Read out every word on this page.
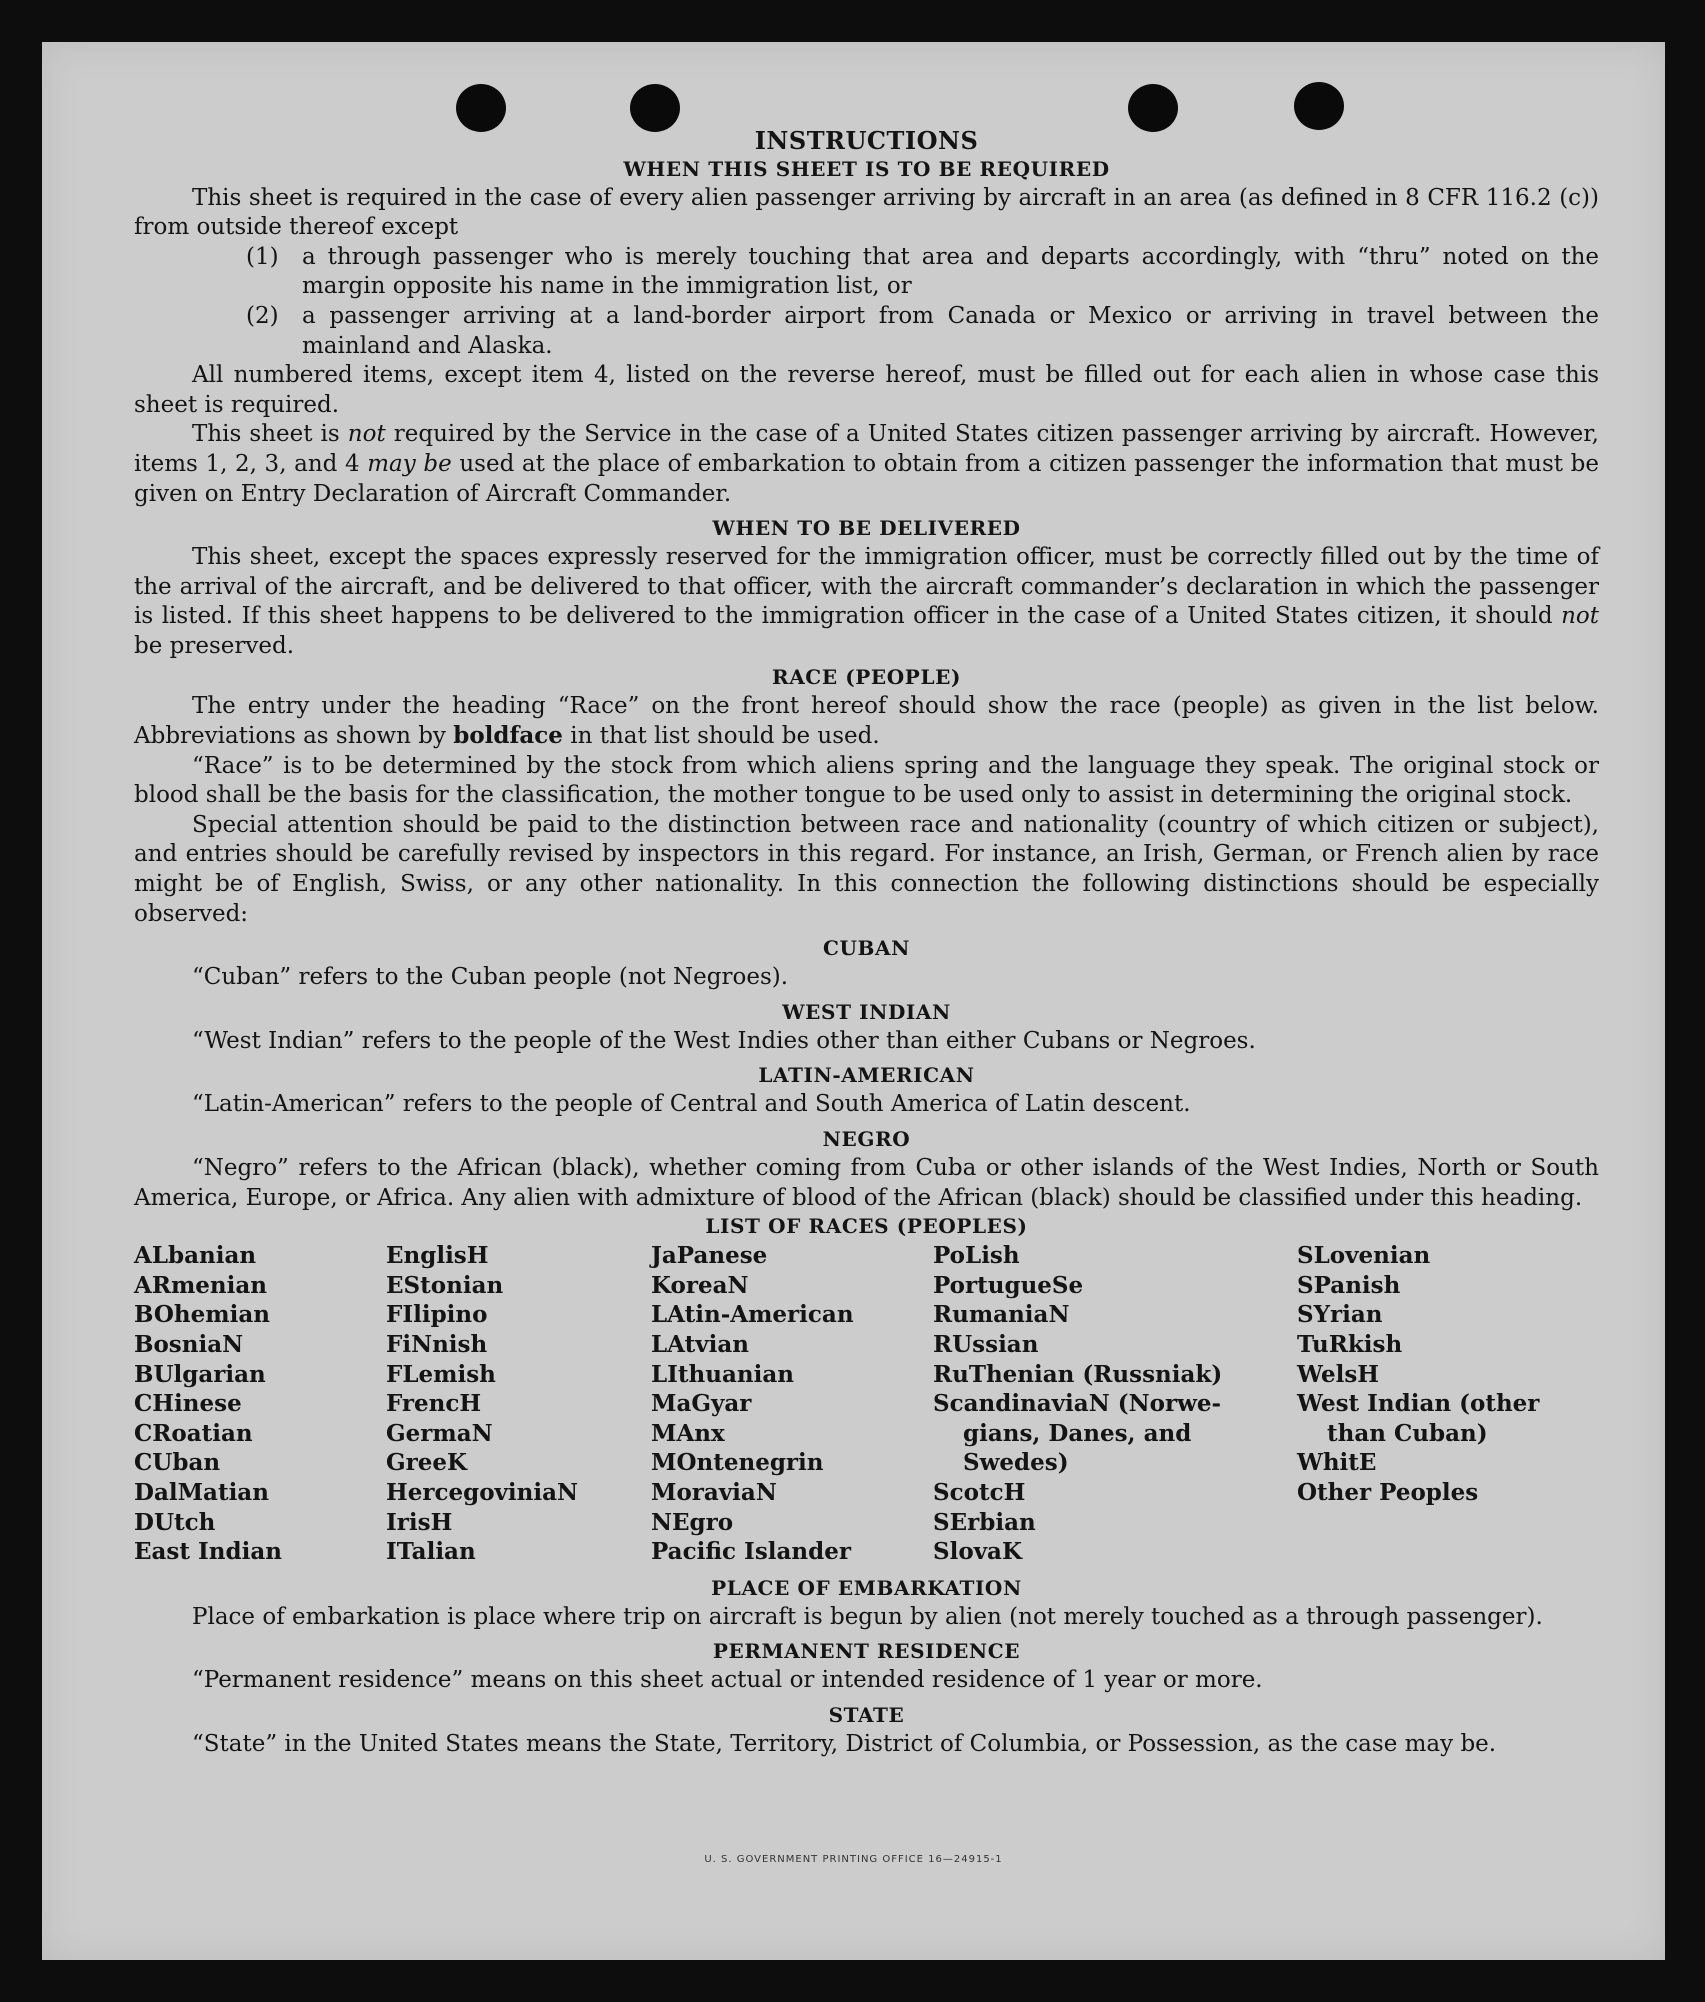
INSTRUCTIONS
WHEN THIS SHEET IS TO BE REQUIRED

This sheet is required in the case of every alien passenger arriving by aircraft in an area (as defined in 8 CFR 116.2 (c)) from outside thereof except

(1)	a through passenger who is merely touching that area and departs accordingly, with “thru” noted on the margin opposite his name in the immigration list, or
(2)	a passenger arriving at a land-border airport from Canada or Mexico or arriving in travel between the mainland and Alaska.

All numbered items, except item 4, listed on the reverse hereof, must be filled out for each alien in whose case this sheet is required.

This sheet is not required by the Service in the case of a United States citizen passenger arriving by aircraft. However, items 1, 2, 3, and 4 may be used at the place of embarkation to obtain from a citizen passenger the information that must be given on Entry Declaration of Aircraft Commander.

WHEN TO BE DELIVERED

This sheet, except the spaces expressly reserved for the immigration officer, must be correctly filled out by the time of the arrival of the aircraft, and be delivered to that officer, with the aircraft commander’s declaration in which the passenger is listed. If this sheet happens to be delivered to the immigration officer in the case of a United States citizen, it should not be preserved.

RACE (PEOPLE)

The entry under the heading “Race” on the front hereof should show the race (people) as given in the list below. Abbreviations as shown by boldface in that list should be used.

“Race” is to be determined by the stock from which aliens spring and the language they speak. The original stock or blood shall be the basis for the classification, the mother tongue to be used only to assist in determining the original stock.

Special attention should be paid to the distinction between race and nationality (country of which citizen or subject), and entries should be carefully revised by inspectors in this regard. For instance, an Irish, German, or French alien by race might be of English, Swiss, or any other nationality. In this connection the following distinctions should be especially observed:

CUBAN

“Cuban” refers to the Cuban people (not Negroes).

WEST INDIAN

“West Indian” refers to the people of the West Indies other than either Cubans or Negroes.

LATIN-AMERICAN

“Latin-American” refers to the people of Central and South America of Latin descent.

NEGRO

“Negro” refers to the African (black), whether coming from Cuba or other islands of the West Indies, North or South America, Europe, or Africa. Any alien with admixture of blood of the African (black) should be classified under this heading.

LIST OF RACES (PEOPLES)
ALbanian
ARmenian
BOhemian
BosniaN
BUlgarian
CHinese
CRoatian
CUban
DalMatian
DUtch
East Indian
EnglisH
EStonian
FIlipino
FiNnish
FLemish
FrencH
GermaN
GreeK
HercegoviniaN
IrisH
ITalian
JaPanese
KoreaN
LAtin-American
LAtvian
LIthuanian
MaGyar
MAnx
MOntenegrin
MoraviaN
NEgro
Pacific Islander
PoLish
PortugueSe
RumaniaN
RUssian
RuThenian (Russniak)
ScandinaviaN (Norwe-
gians, Danes, and
Swedes)
ScotcH
SErbian
SlovaK
SLovenian
SPanish
SYrian
TuRkish
WelsH
West Indian (other
than Cuban)
WhitE
Other Peoples
PLACE OF EMBARKATION

Place of embarkation is place where trip on aircraft is begun by alien (not merely touched as a through passenger).

PERMANENT RESIDENCE

“Permanent residence” means on this sheet actual or intended residence of 1 year or more.

STATE

“State” in the United States means the State, Territory, District of Columbia, or Possession, as the case may be.

U. S. GOVERNMENT PRINTING OFFICE 16—24915-1
